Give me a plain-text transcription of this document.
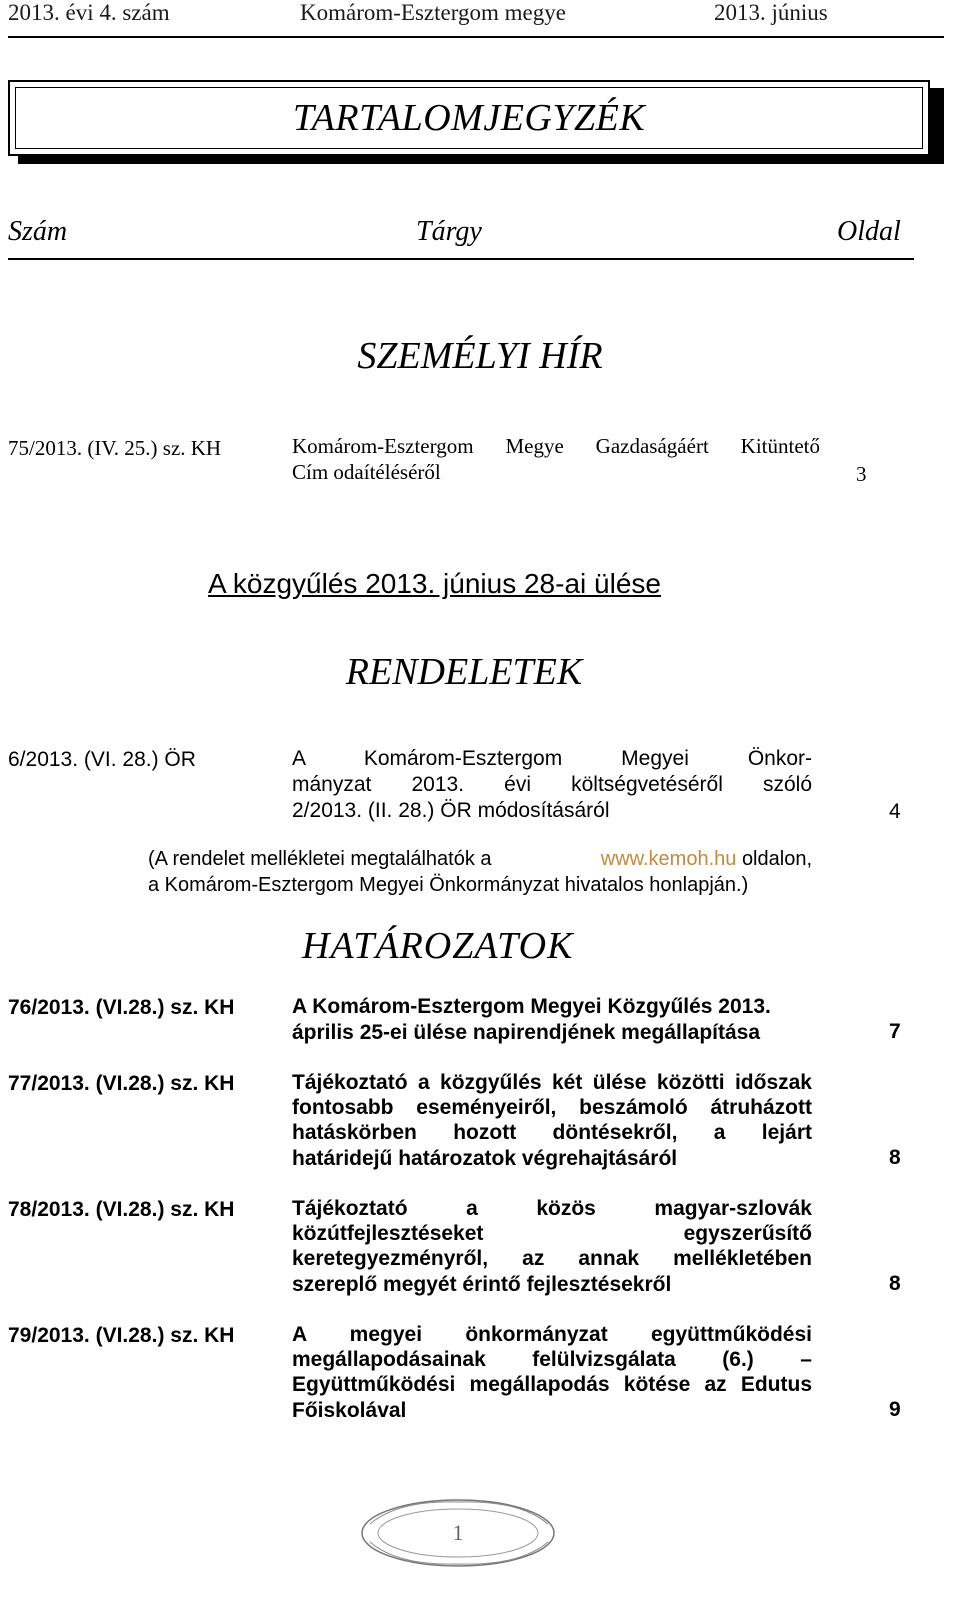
2013. évi 4. szám	Komárom-Esztergom megye	2013. június
TARTALOMJEGYZÉK
Szám	Tárgy	Oldal
SZEMÉLYI HÍR
75/2013. (IV. 25.) sz. KH	Komárom-Esztergom Megye Gazdaságáért Kitüntető
Cím odaítéléséről	3
A közgyűlés 2013. június 28-ai ülése
RENDELETEK
6/2013. (VI. 28.) ÖR	A Komárom-Esztergom Megyei Önkor-
mányzat 2013. évi költségvetéséről szóló
2/2013. (II. 28.) ÖR módosításáról	4
(A rendelet mellékletei megtalálhatók a	www.kemoh.hu oldalon,
a Komárom-Esztergom Megyei Önkormányzat hivatalos honlapján.)
HATÁROZATOK
76/2013. (VI.28.) sz. KH	A Komárom-Esztergom Megyei Közgyűlés 2013.
április 25-ei ülése napirendjének megállapítása	7
77/2013. (VI.28.) sz. KH	Tájékoztató a közgyűlés két ülése közötti időszak
fontosabb eseményeiről, beszámoló átruházott
hatáskörben hozott döntésekről, a lejárt
határidejű határozatok végrehajtásáról	8
78/2013. (VI.28.) sz. KH	Tájékoztató a közös magyar-szlovák
közútfejlesztéseket egyszerűsítő
keretegyezményről, az annak mellékletében
szereplő megyét érintő fejlesztésekről	8
79/2013. (VI.28.) sz. KH	A megyei önkormányzat együttműködési
megállapodásainak felülvizsgálata (6.) –
Együttműködési megállapodás kötése az Edutus
Főiskolával	9
1
